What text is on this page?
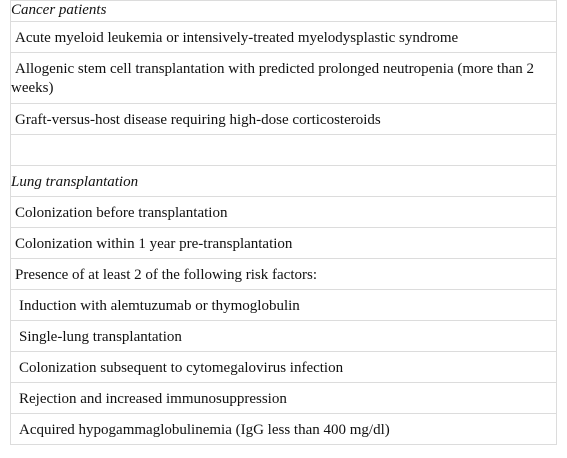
Cancer patients
Acute myeloid leukemia or intensively-treated myelodysplastic syndrome
Allogenic stem cell transplantation with predicted prolonged neutropenia (more than 2
weeks)
Graft-versus-host disease requiring high-dose corticosteroids
Lung transplantation
Colonization before transplantation
Colonization within 1 year pre-transplantation
Presence of at least 2 of the following risk factors:
Induction with alemtuzumab or thymoglobulin
Single-lung transplantation
Colonization subsequent to cytomegalovirus infection
Rejection and increased immunosuppression
Acquired hypogammaglobulinemia (IgG less than 400 mg/dl)
